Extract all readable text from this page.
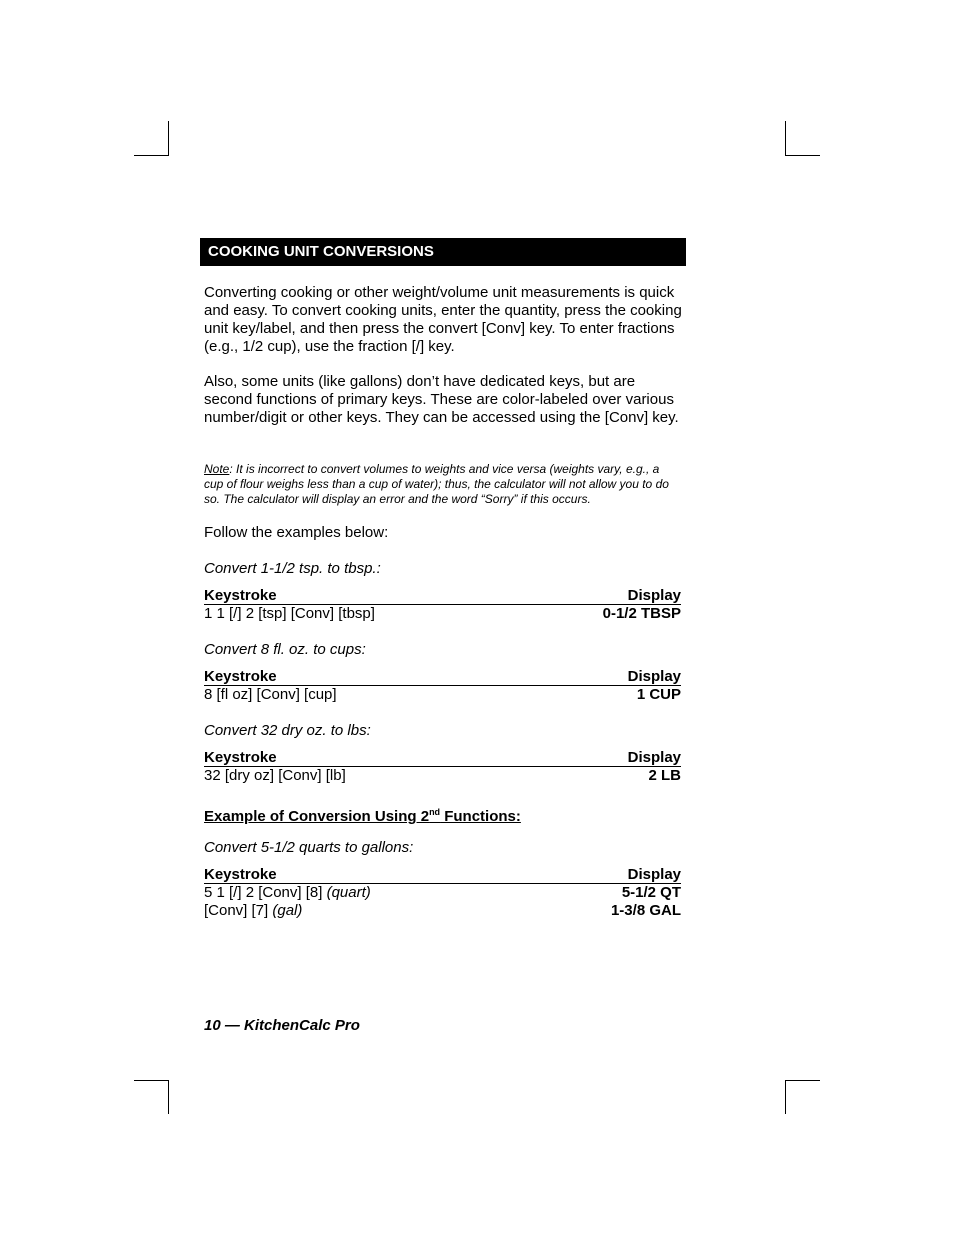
COOKING UNIT CONVERSIONS
Converting cooking or other weight/volume unit measurements is quick and easy. To convert cooking units, enter the quantity, press the cooking unit key/label, and then press the convert [Conv] key. To enter fractions (e.g., 1/2 cup), use the fraction [/] key.
Also, some units (like gallons) don’t have dedicated keys, but are second functions of primary keys. These are color-labeled over various number/digit or other keys. They can be accessed using the [Conv] key.
Note: It is incorrect to convert volumes to weights and vice versa (weights vary, e.g., a cup of flour weighs less than a cup of water); thus, the calculator will not allow you to do so. The calculator will display an error and the word “Sorry” if this occurs.
Follow the examples below:
Convert 1-1/2 tsp. to tbsp.:
Keystroke	Display
1 1 [/] 2 [tsp] [Conv] [tbsp]	0-1/2 TBSP
Convert 8 fl. oz. to cups:
Keystroke	Display
8 [fl oz] [Conv] [cup]	1 CUP
Convert 32 dry oz. to lbs:
Keystroke	Display
32 [dry oz] [Conv] [lb]	2 LB
Example of Conversion Using 2nd Functions:
Convert 5-1/2 quarts to gallons:
Keystroke	Display
5 1 [/] 2 [Conv] [8] (quart)	5-1/2 QT
[Conv] [7] (gal)	1-3/8 GAL
10 — KitchenCalc Pro
